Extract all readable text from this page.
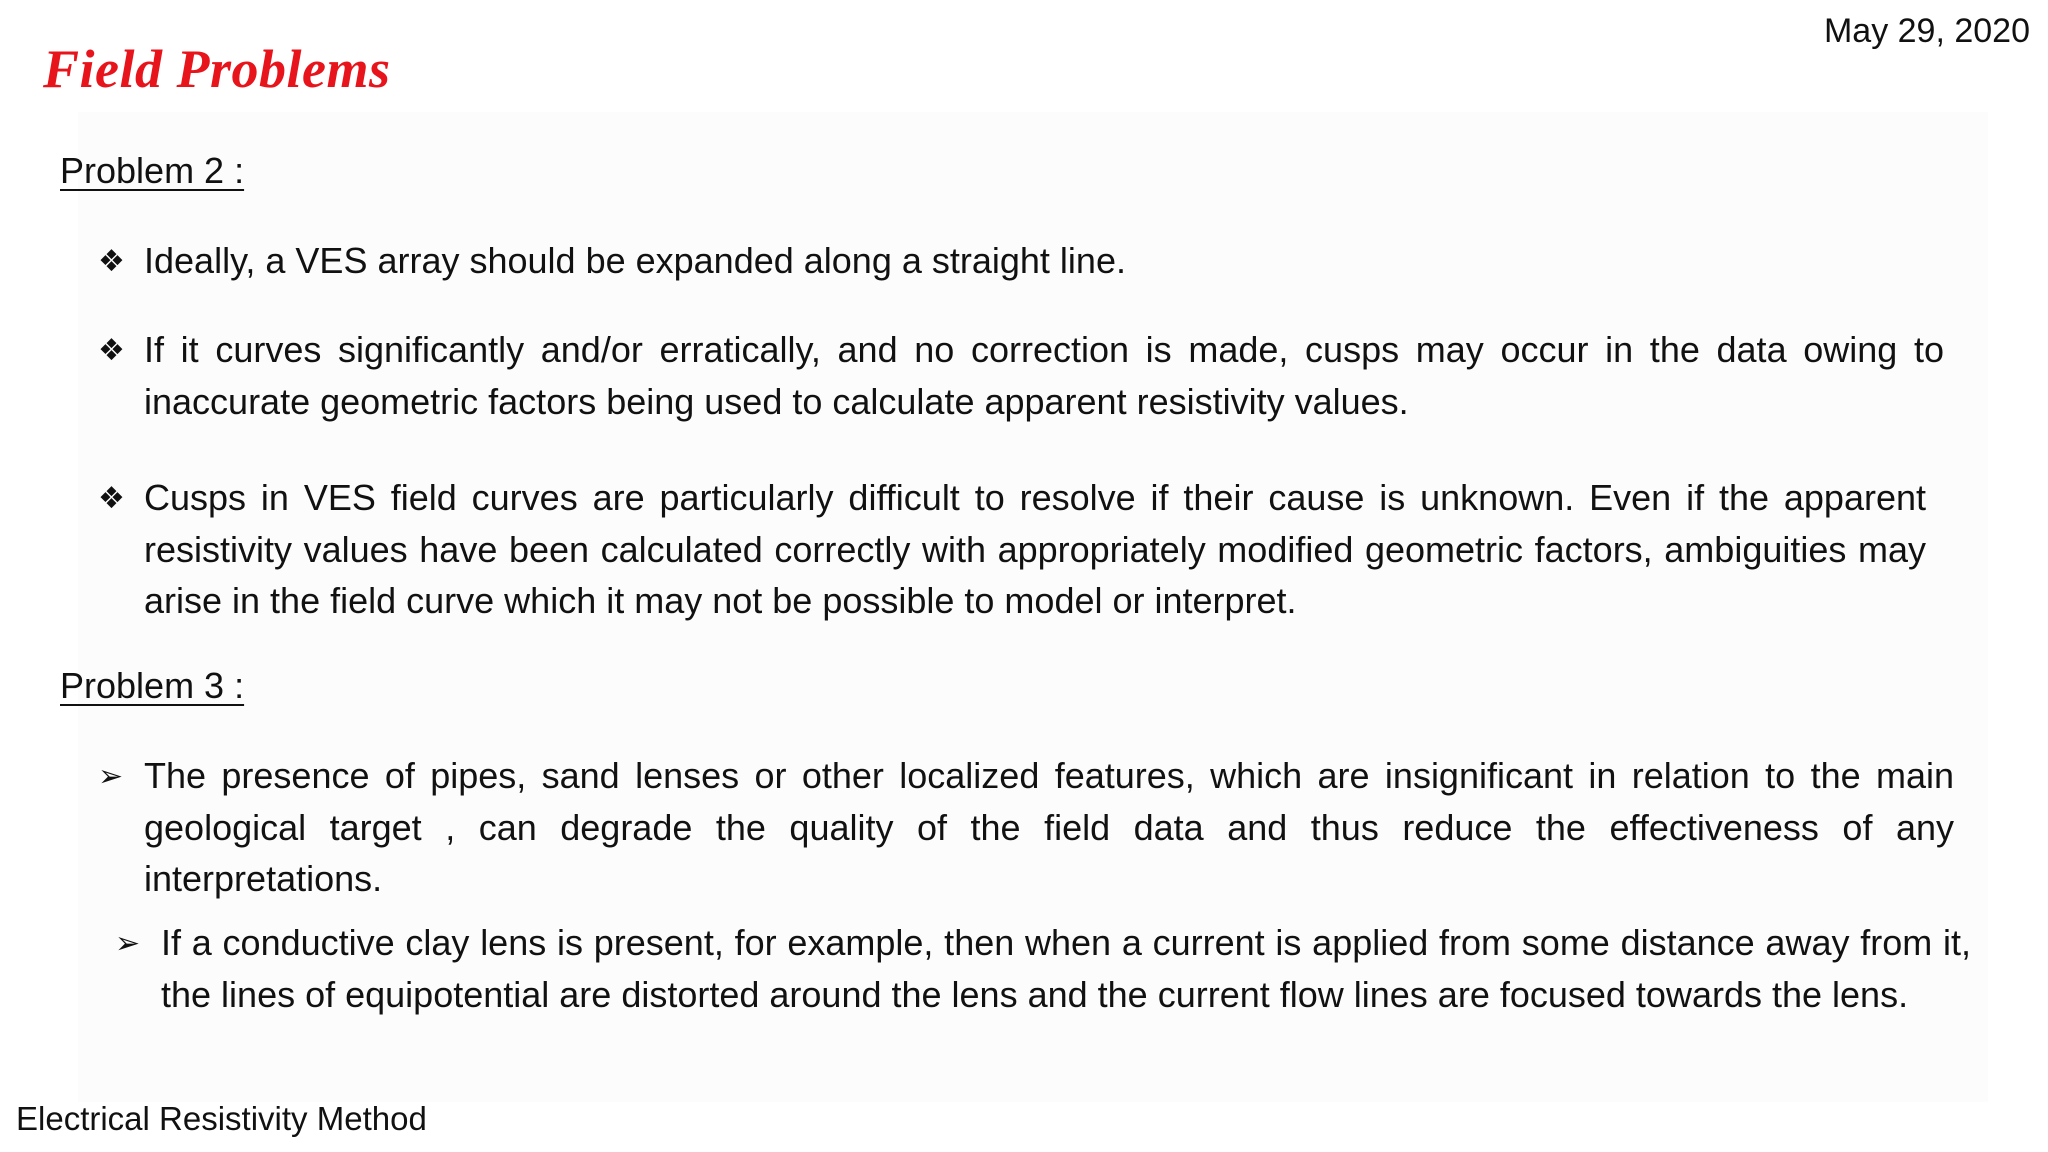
Field Problems
May 29, 2020
Problem 2 :
❖ Ideally, a VES array should be expanded along a straight line.
❖ If it curves significantly and/or erratically, and no correction is made, cusps may occur in the data owing to inaccurate geometric factors being used to calculate apparent resistivity values.
❖ Cusps in VES field curves are particularly difficult to resolve if their cause is unknown. Even if the apparent resistivity values have been calculated correctly with appropriately modified geometric factors, ambiguities may arise in the field curve which it may not be possible to model or interpret.
Problem 3 :
➢ The presence of pipes, sand lenses or other localized features, which are insignificant in relation to the main geological target , can degrade the quality of the field data and thus reduce the effectiveness of any interpretations.
➢ If a conductive clay lens is present, for example, then when a current is applied from some distance away from it, the lines of equipotential are distorted around the lens and the current flow lines are focused towards the lens.
Electrical Resistivity Method
